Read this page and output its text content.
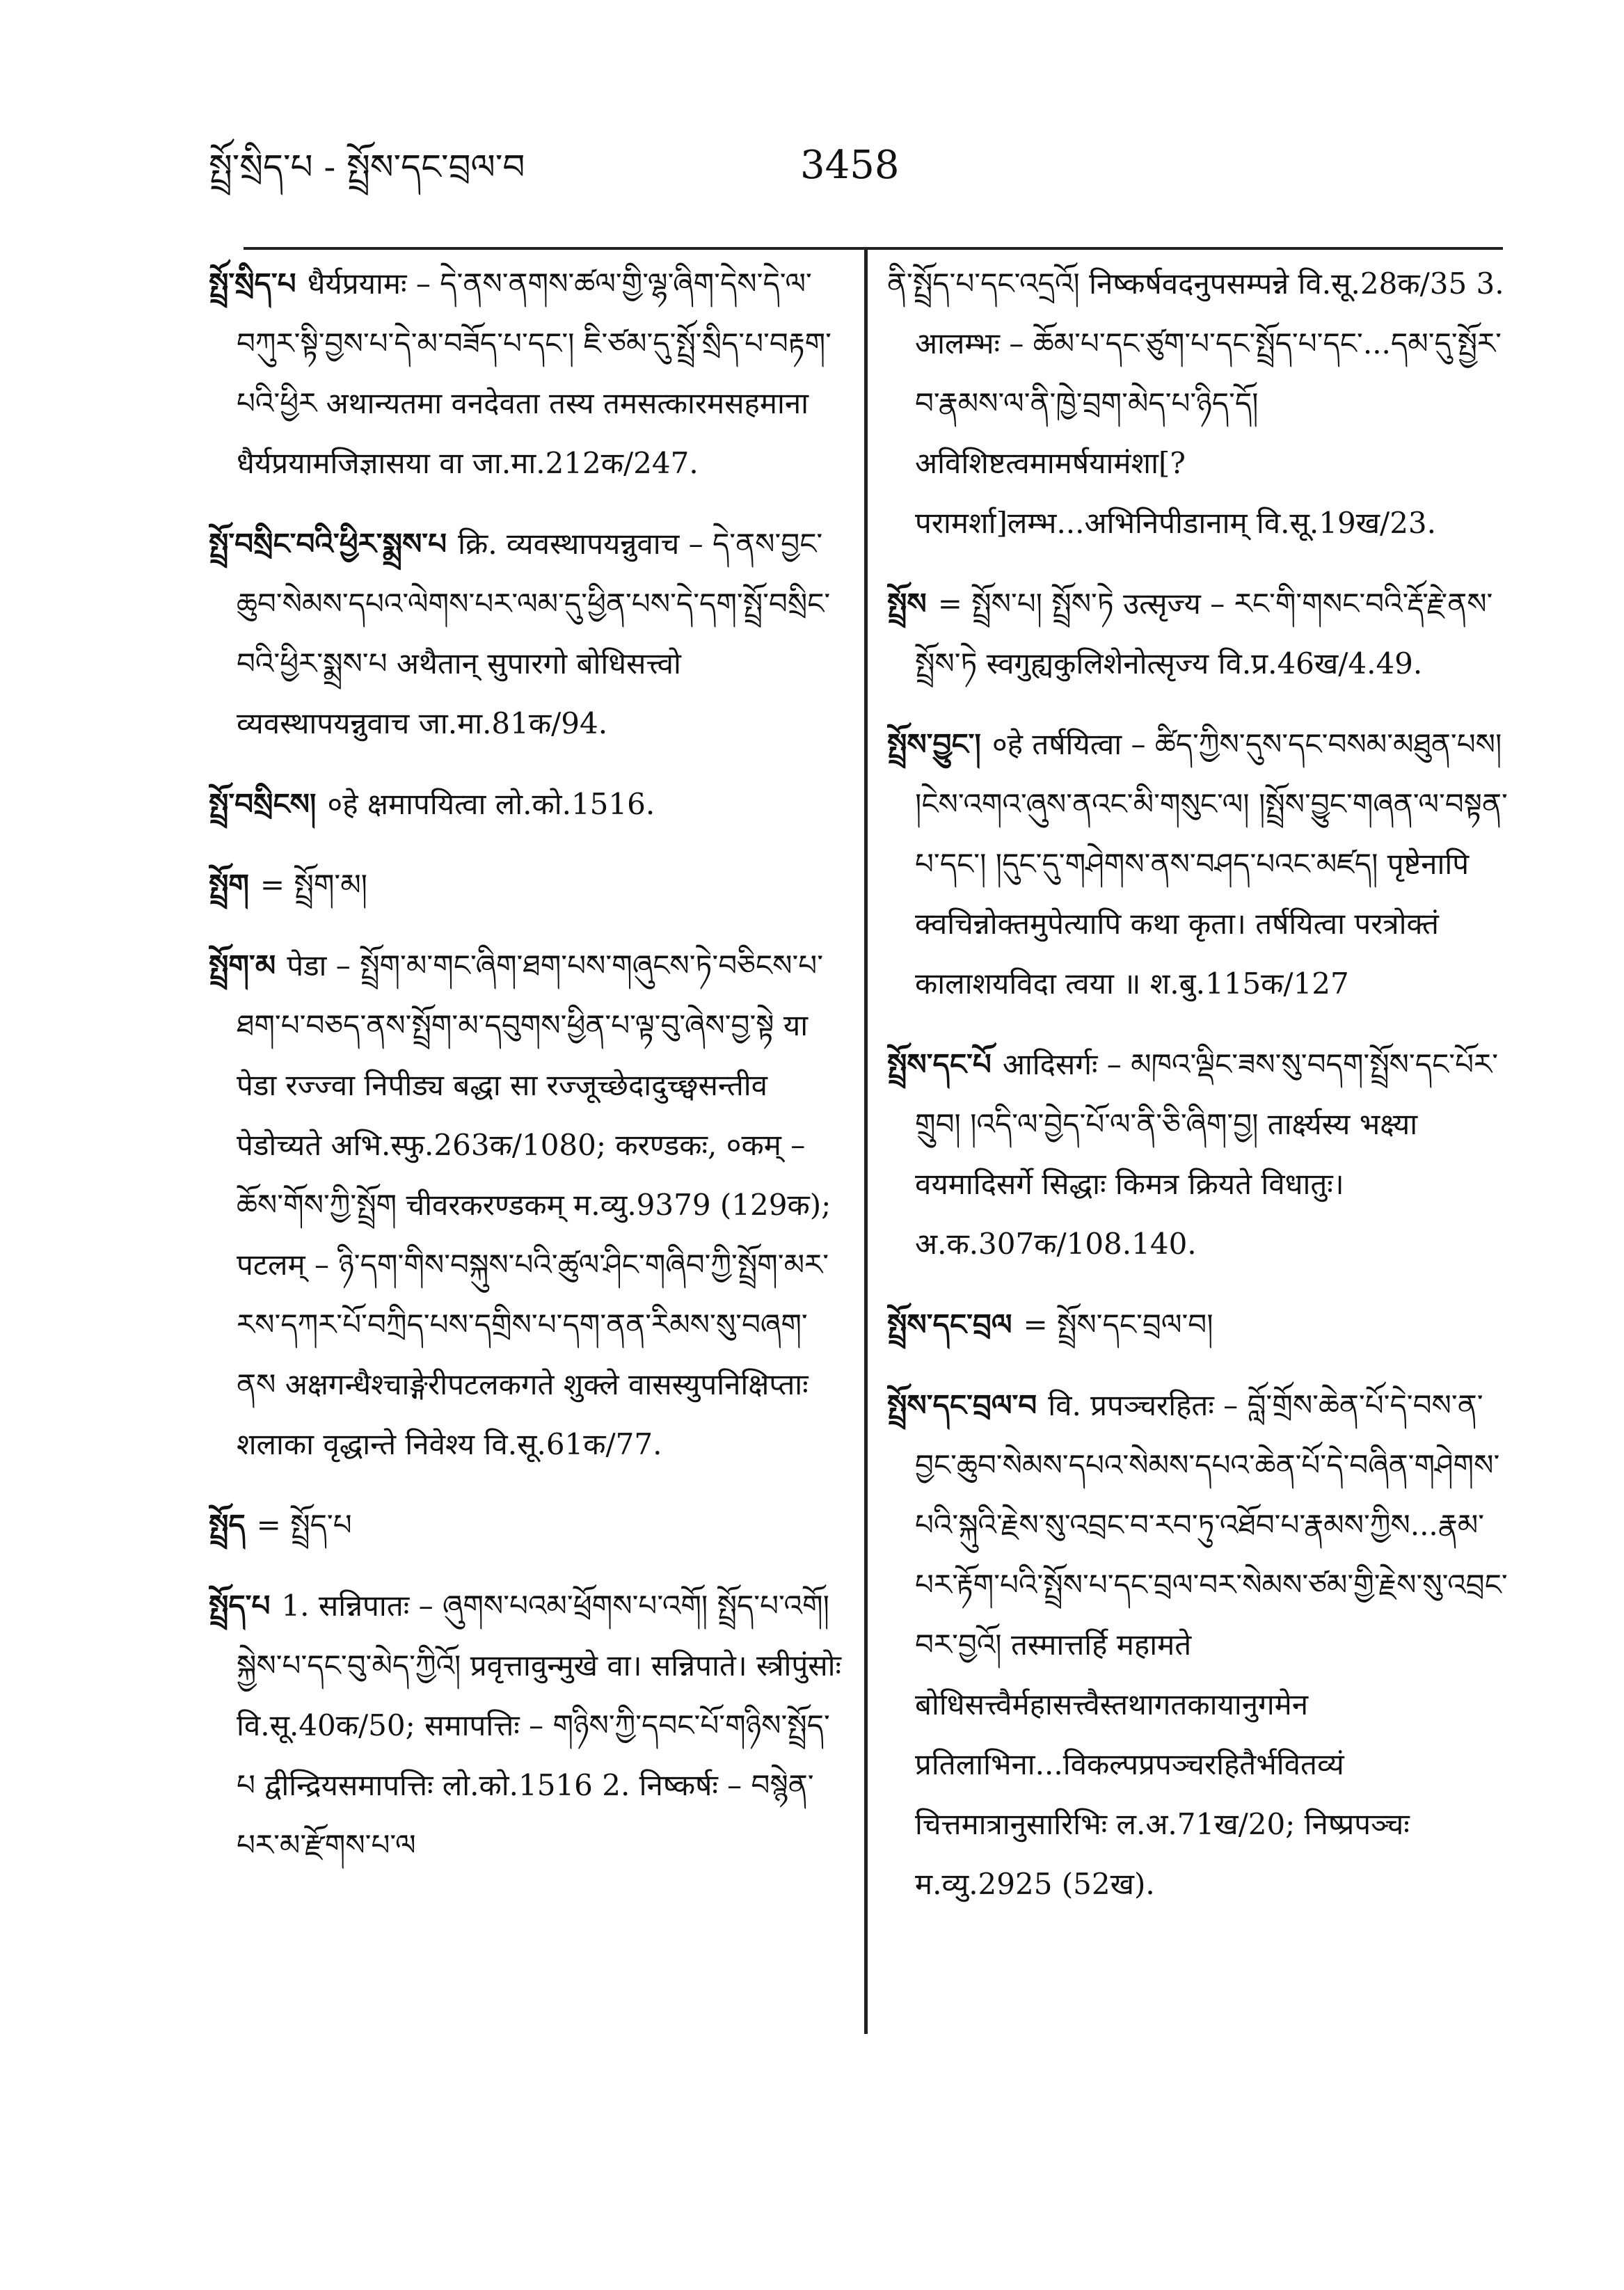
སྤྲོ་སྲིད་པ - སྤྲོས་དང་བྲལ་བ	3458
སྤྲོ་སྲིད་པ धैर्यप्रयामः – དེ་ནས་ནགས་ཚལ་གྱི་ལྷ་ཞིག་དེས་དེ་ལ་བཀུར་སྟི་བྱས་པ་དེ་མ་བཟོད་པ་དང་། ཇི་ཙམ་དུ་སྤྲོ་སྲིད་པ་བརྟག་པའི་ཕྱིར अथान्यतमा वनदेवता तस्य तमसत्कारमसहमाना धैर्यप्रयामजिज्ञासया वा जा.मा.212क/247.
སྤྲོ་བསྲིང་བའི་ཕྱིར་སྨྲས་པ क्रि. व्यवस्थापयन्नुवाच – དེ་ནས་བྱང་ཆུབ་སེམས་དཔའ་ལེགས་པར་ལམ་དུ་ཕྱིན་པས་དེ་དག་སྤྲོ་བསྲིང་བའི་ཕྱིར་སྨྲས་པ अथैतान् सुपारगो बोधिसत्त्वो व्यवस्थापयन्नुवाच जा.मा.81क/94.
སྤྲོ་བསྲིངས། ०हे क्षमापयित्वा लो.को.1516.
སྤྲོག = སྤྲོག་མ།
སྤྲོག་མ पेडा – སྤྲོག་མ་གང་ཞིག་ཐག་པས་གཞུངས་ཏེ་བཅིངས་པ་ཐག་པ་བཅད་ནས་སྤྲོག་མ་དབུགས་ཕྱིན་པ་ལྟ་བུ་ཞེས་བྱ་སྟེ या पेडा रज्ज्वा निपीड्य बद्धा सा रज्जूच्छेदादुच्छ्वसन्तीव पेडोच्यते अभि.स्फु.263क/1080; करण्डकः, ०कम् – ཆོས་གོས་ཀྱི་སྤྲོག चीवरकरण्डकम् म.व्यु.9379 (129क); पटलम् – ཉི་དག་གིས་བསྐུས་པའི་ཚུལ་ཤིང་གཞིབ་ཀྱི་སྤྲོག་མར་རས་དཀར་པོ་བཀྲིད་པས་དགྲིས་པ་དག་ནན་རིམས་སུ་བཞག་ནས अक्षगन्धैश्चाङ्गेरीपटलकगते शुक्ले वासस्युपनिक्षिप्ताः शलाका वृद्धान्ते निवेश्य वि.सू.61क/77.
སྤྲོད = སྤྲོད་པ
སྤྲོད་པ 1. सन्निपातः – ཞུགས་པའམ་ཕྲོགས་པ་འགོ། སྤྲོད་པ་འགོ། སྐྱེས་པ་དང་བུ་མེད་ཀྱིའོ། प्रवृत्तावुन्मुखे वा। सन्निपाते। स्त्रीपुंसोः वि.सू.40क/50; समापत्तिः – གཉིས་ཀྱི་དབང་པོ་གཉིས་སྤྲོད་པ द्वीन्द्रियसमापत्तिः लो.को.1516 2. निष्कर्षः – བསྙེན་པར་མ་རྫོགས་པ་ལ
ནི་སྤྲོད་པ་དང་འདྲའོ། निष्कर्षवदनुपसम्पन्ने वि.सू.28क/35 3. आलम्भः – ཆོམ་པ་དང་ཙུག་པ་དང་སྤྲོད་པ་དང་...དམ་དུ་སྤྱོར་བ་རྣམས་ལ་ནི་ཁྱེ་བྲག་མེད་པ་ཉིད་དོ། अविशिष्टत्वमामर्षयामंशा[?परामर्शा]लम्भ...अभिनिपीडानाम् वि.सू.19ख/23.
སྤྲོས = སྤྲོས་པ། སྤྲོས་ཏེ उत्सृज्य – རང་གི་གསང་བའི་རྡོ་རྗེ་ནས་སྤྲོས་ཏེ स्वगुह्यकुलिशेनोत्सृज्य वि.प्र.46ख/4.49.
སྤྲོས་བྱུང་། ०हे तर्षयित्वा – ཚིད་ཀྱིས་དུས་དང་བསམ་མཐུན་པས། །ངེས་འགའ་ཞུས་ནའང་མི་གསུང་ལ། །སྤྲོས་བྱུང་གཞན་ལ་བསྟན་པ་དང་། །དུང་དུ་གཤེགས་ནས་བཤད་པའང་མཛད། पृष्टेनापि क्वचिन्नोक्तमुपेत्यापि कथा कृता। तर्षयित्वा परत्रोक्तं कालाशयविदा त्वया ॥ श.बु.115क/127
སྤྲོས་དང་པོ आदिसर्गः – མཁའ་ལྡིང་ཟས་སུ་བདག་སྤྲོས་དང་པོར་གྲུབ། །འདི་ལ་བྱེད་པོ་ལ་ནི་ཅི་ཞིག་བྱ། तार्क्ष्यस्य भक्ष्या वयमादिसर्गे सिद्धाः किमत्र क्रियते विधातुः। अ.क.307क/108.140.
སྤྲོས་དང་བྲལ = སྤྲོས་དང་བྲལ་བ།
སྤྲོས་དང་བྲལ་བ वि. प्रपञ्चरहितः – བློ་གྲོས་ཆེན་པོ་དེ་བས་ན་བྱང་ཆུབ་སེམས་དཔའ་སེམས་དཔའ་ཆེན་པོ་དེ་བཞིན་གཤེགས་པའི་སྐུའི་རྗེས་སུ་འབྲང་བ་རབ་ཏུ་འཐོབ་པ་རྣམས་ཀྱིས...རྣམ་པར་རྟོག་པའི་སྤྲོས་པ་དང་བྲལ་བར་སེམས་ཙམ་གྱི་རྗེས་སུ་འབྲང་བར་བྱའོ། तस्मात्तर्हि महामते बोधिसत्त्वैर्महासत्त्वैस्तथागतकायानुगमेन प्रतिलाभिना...विकल्पप्रपञ्चरहितैर्भवितव्यं चित्तमात्रानुसारिभिः ल.अ.71ख/20; निष्प्रपञ्चः म.व्यु.2925 (52ख).
